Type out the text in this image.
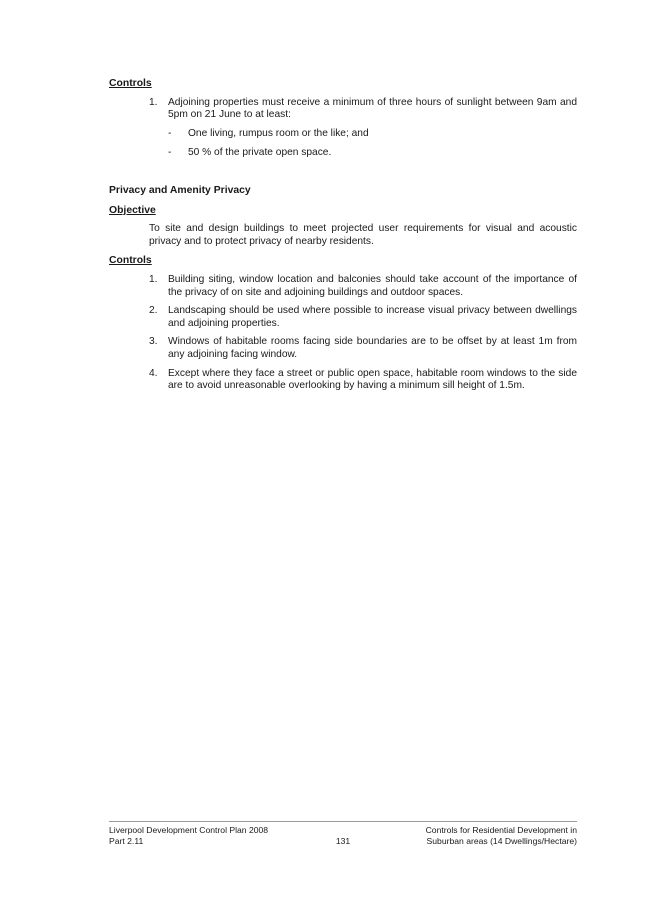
Controls

1. Adjoining properties must receive a minimum of three hours of sunlight between 9am and 5pm on 21 June to at least:
- One living, rumpus room or the like; and
- 50 % of the private open space.

Privacy and Amenity Privacy

Objective

To site and design buildings to meet projected user requirements for visual and acoustic privacy and to protect privacy of nearby residents.

Controls

1. Building siting, window location and balconies should take account of the importance of the privacy of on site and adjoining buildings and outdoor spaces.
2. Landscaping should be used where possible to increase visual privacy between dwellings and adjoining properties.
3. Windows of habitable rooms facing side boundaries are to be offset by at least 1m from any adjoining facing window.
4. Except where they face a street or public open space, habitable room windows to the side are to avoid unreasonable overlooking by having a minimum sill height of 1.5m.
Liverpool Development Control Plan 2008
Part 2.11	131
Controls for Residential Development in
Suburban areas (14 Dwellings/Hectare)
